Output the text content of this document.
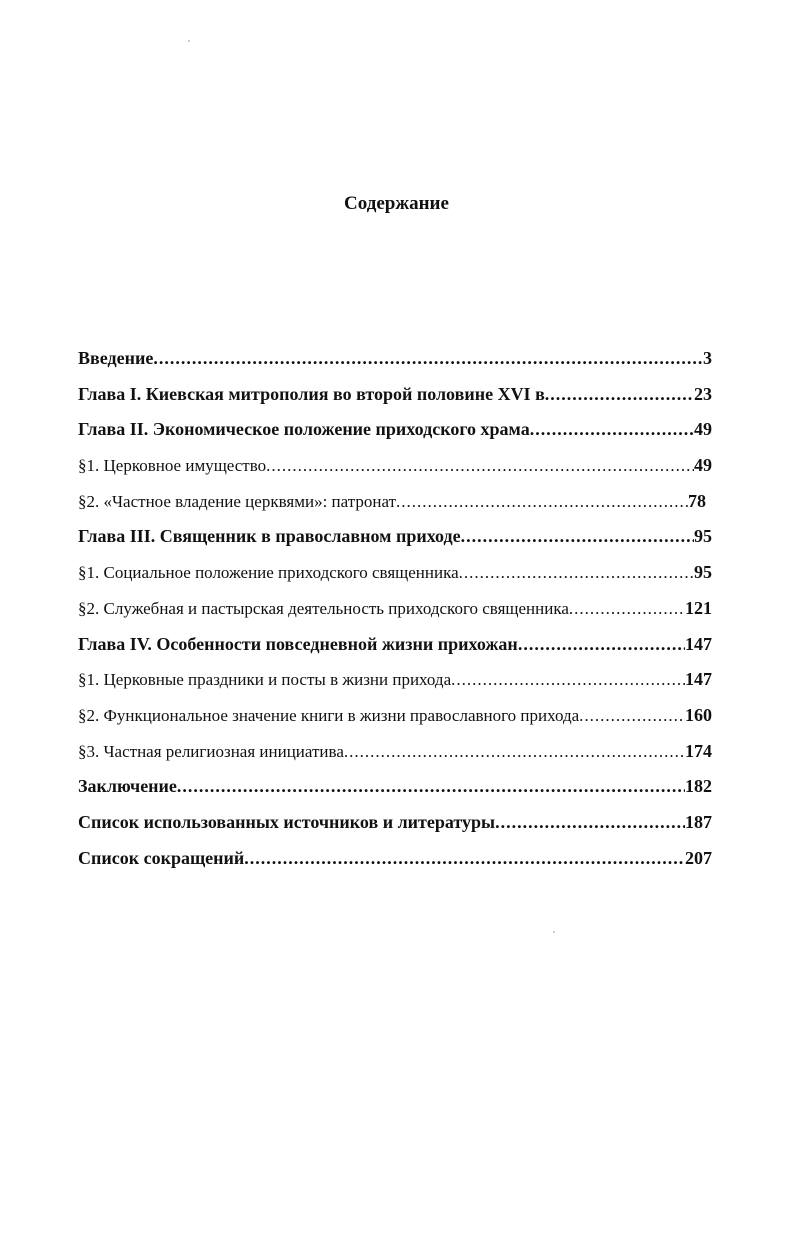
Содержание
Введение .....	3
Глава I. Киевская митрополия во второй половине XVI в .....	23
Глава II. Экономическое положение приходского храма .....	49
§1. Церковное имущество .....	49
§2. «Частное владение церквями»: патронат .....	78
Глава III. Священник в православном приходе .....	95
§1. Социальное положение приходского священника .....	95
§2. Служебная и пастырская деятельность приходского священника .....	121
Глава IV. Особенности повседневной жизни прихожан .....	147
§1. Церковные праздники и посты в жизни прихода .....	147
§2. Функциональное значение книги в жизни православного прихода .....	160
§3. Частная религиозная инициатива .....	174
Заключение .....	182
Список использованных источников и литературы .....	187
Список сокращений .....	207
